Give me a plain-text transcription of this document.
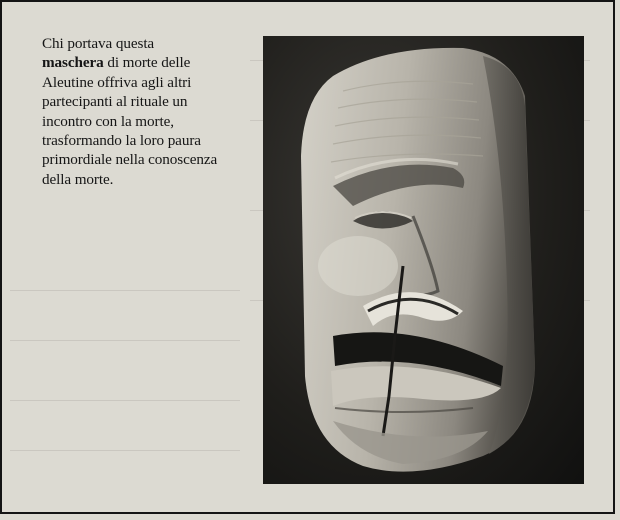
Chi portava questa
maschera di morte delle Aleutine offriva agli altri partecipanti al rituale un incontro con la morte, trasformando la loro paura primordiale nella conoscenza della morte.
